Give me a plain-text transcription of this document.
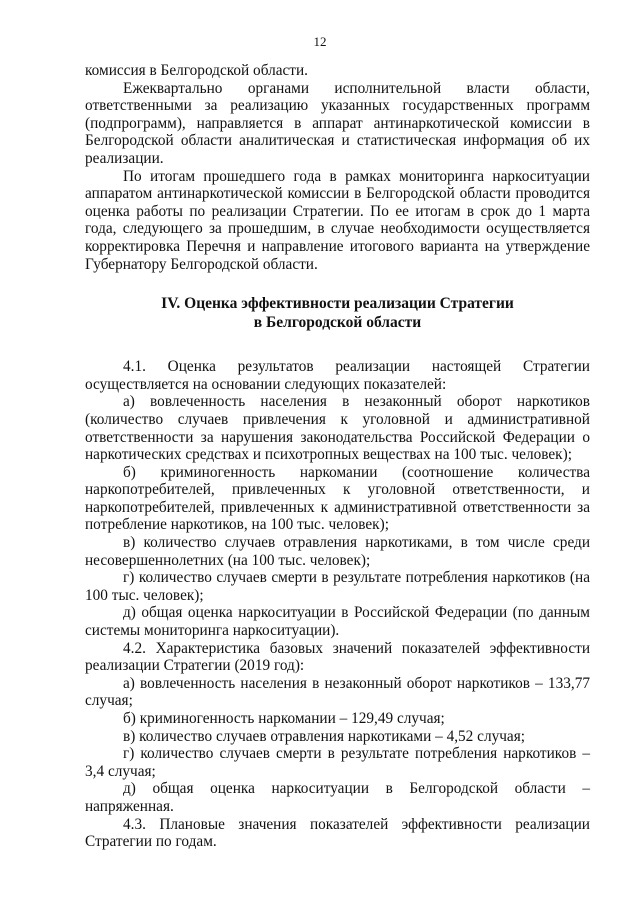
12

комиссия в Белгородской области.

Ежеквартально органами исполнительной власти области, ответственными за реализацию указанных государственных программ (подпрограмм), направляется в аппарат антинаркотической комиссии в Белгородской области аналитическая и статистическая информация об их реализации.

По итогам прошедшего года в рамках мониторинга наркоситуации аппаратом антинаркотической комиссии в Белгородской области проводится оценка работы по реализации Стратегии. По ее итогам в срок до 1 марта года, следующего за прошедшим, в случае необходимости осуществляется корректировка Перечня и направление итогового варианта на утверждение Губернатору Белгородской области.

IV. Оценка эффективности реализации Стратегии
в Белгородской области

4.1. Оценка результатов реализации настоящей Стратегии осуществляется на основании следующих показателей:

а) вовлеченность населения в незаконный оборот наркотиков (количество случаев привлечения к уголовной и административной ответственности за нарушения законодательства Российской Федерации о наркотических средствах и психотропных веществах на 100 тыс. человек);

б) криминогенность наркомании (соотношение количества наркопотребителей, привлеченных к уголовной ответственности, и наркопотребителей, привлеченных к административной ответственности за потребление наркотиков, на 100 тыс. человек);

в) количество случаев отравления наркотиками, в том числе среди несовершеннолетних (на 100 тыс. человек);

г) количество случаев смерти в результате потребления наркотиков (на 100 тыс. человек);

д) общая оценка наркоситуации в Российской Федерации (по данным системы мониторинга наркоситуации).

4.2. Характеристика базовых значений показателей эффективности реализации Стратегии (2019 год):

а) вовлеченность населения в незаконный оборот наркотиков – 133,77 случая;

б) криминогенность наркомании – 129,49 случая;

в) количество случаев отравления наркотиками – 4,52 случая;

г) количество случаев смерти в результате потребления наркотиков – 3,4 случая;

д) общая оценка наркоситуации в Белгородской области – напряженная.

4.3. Плановые значения показателей эффективности реализации Стратегии по годам.
